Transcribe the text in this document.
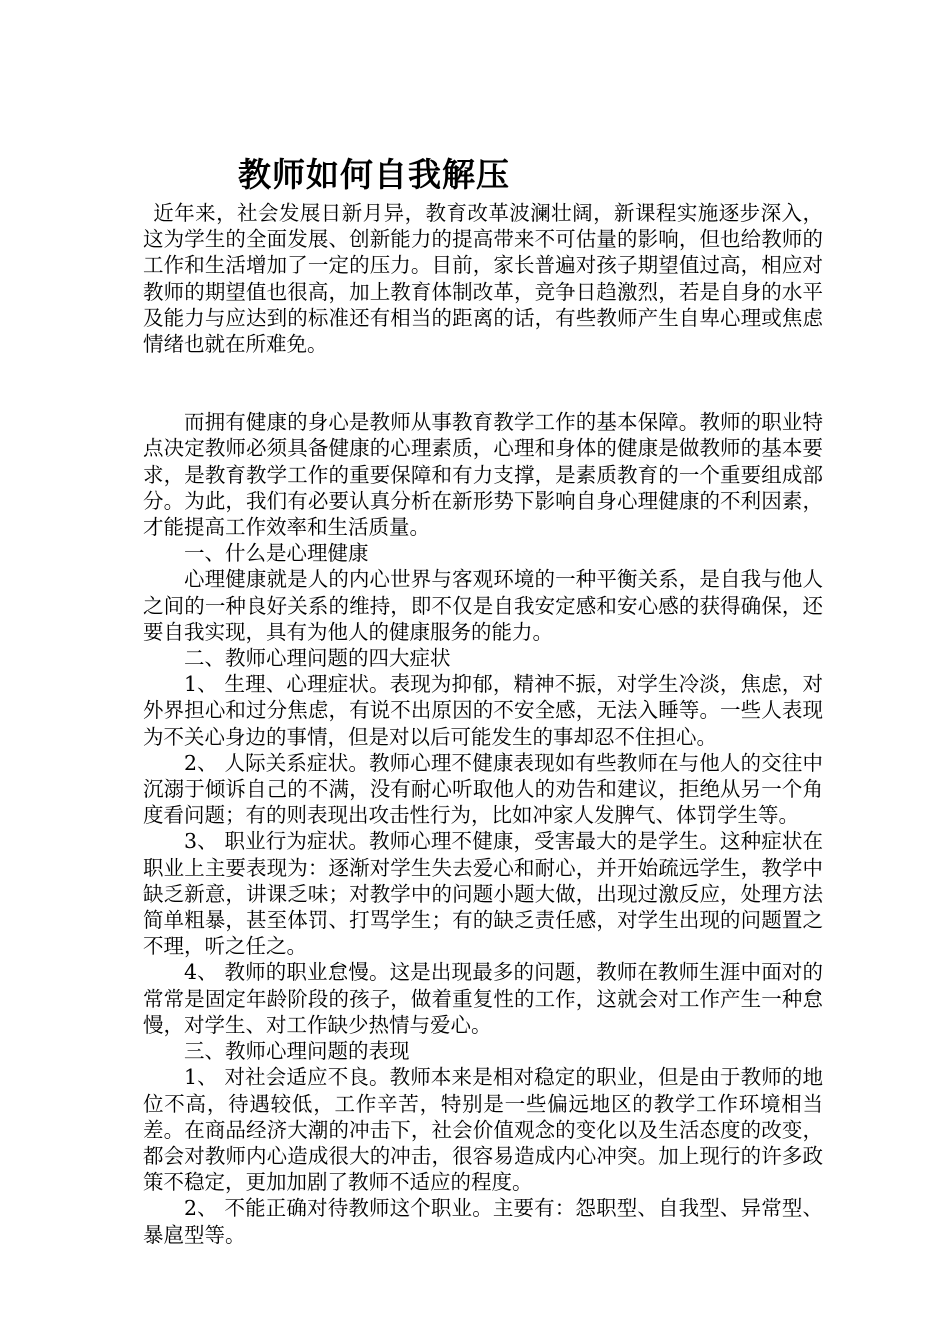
教师如何自我解压

近年来，社会发展日新月异，教育改革波澜壮阔，新课程实施逐步深入，这为学生的全面发展、创新能力的提高带来不可估量的影响，但也给教师的工作和生活增加了一定的压力。目前，家长普遍对孩子期望值过高，相应对教师的期望值也很高，加上教育体制改革，竞争日趋激烈，若是自身的水平及能力与应达到的标准还有相当的距离的话，有些教师产生自卑心理或焦虑情绪也就在所难免。

而拥有健康的身心是教师从事教育教学工作的基本保障。教师的职业特点决定教师必须具备健康的心理素质，心理和身体的健康是做教师的基本要求，是教育教学工作的重要保障和有力支撑，是素质教育的一个重要组成部分。为此，我们有必要认真分析在新形势下影响自身心理健康的不利因素，才能提高工作效率和生活质量。

一、什么是心理健康

心理健康就是人的内心世界与客观环境的一种平衡关系，是自我与他人之间的一种良好关系的维持，即不仅是自我安定感和安心感的获得确保，还要自我实现，具有为他人的健康服务的能力。

二、教师心理问题的四大症状

1、 生理、心理症状。表现为抑郁，精神不振，对学生冷淡，焦虑，对外界担心和过分焦虑，有说不出原因的不安全感，无法入睡等。一些人表现为不关心身边的事情，但是对以后可能发生的事却忍不住担心。

2、 人际关系症状。教师心理不健康表现如有些教师在与他人的交往中沉溺于倾诉自己的不满，没有耐心听取他人的劝告和建议，拒绝从另一个角度看问题；有的则表现出攻击性行为，比如冲家人发脾气、体罚学生等。

3、 职业行为症状。教师心理不健康，受害最大的是学生。这种症状在职业上主要表现为：逐渐对学生失去爱心和耐心，并开始疏远学生，教学中缺乏新意，讲课乏味；对教学中的问题小题大做，出现过激反应，处理方法简单粗暴，甚至体罚、打骂学生；有的缺乏责任感，对学生出现的问题置之不理，听之任之。

4、 教师的职业怠慢。这是出现最多的问题，教师在教师生涯中面对的常常是固定年龄阶段的孩子，做着重复性的工作，这就会对工作产生一种怠慢，对学生、对工作缺少热情与爱心。

三、教师心理问题的表现

1、 对社会适应不良。教师本来是相对稳定的职业，但是由于教师的地位不高，待遇较低，工作辛苦，特别是一些偏远地区的教学工作环境相当差。在商品经济大潮的冲击下，社会价值观念的变化以及生活态度的改变，都会对教师内心造成很大的冲击，很容易造成内心冲突。加上现行的许多政策不稳定，更加加剧了教师不适应的程度。

2、 不能正确对待教师这个职业。主要有：怨职型、自我型、异常型、暴扈型等。
